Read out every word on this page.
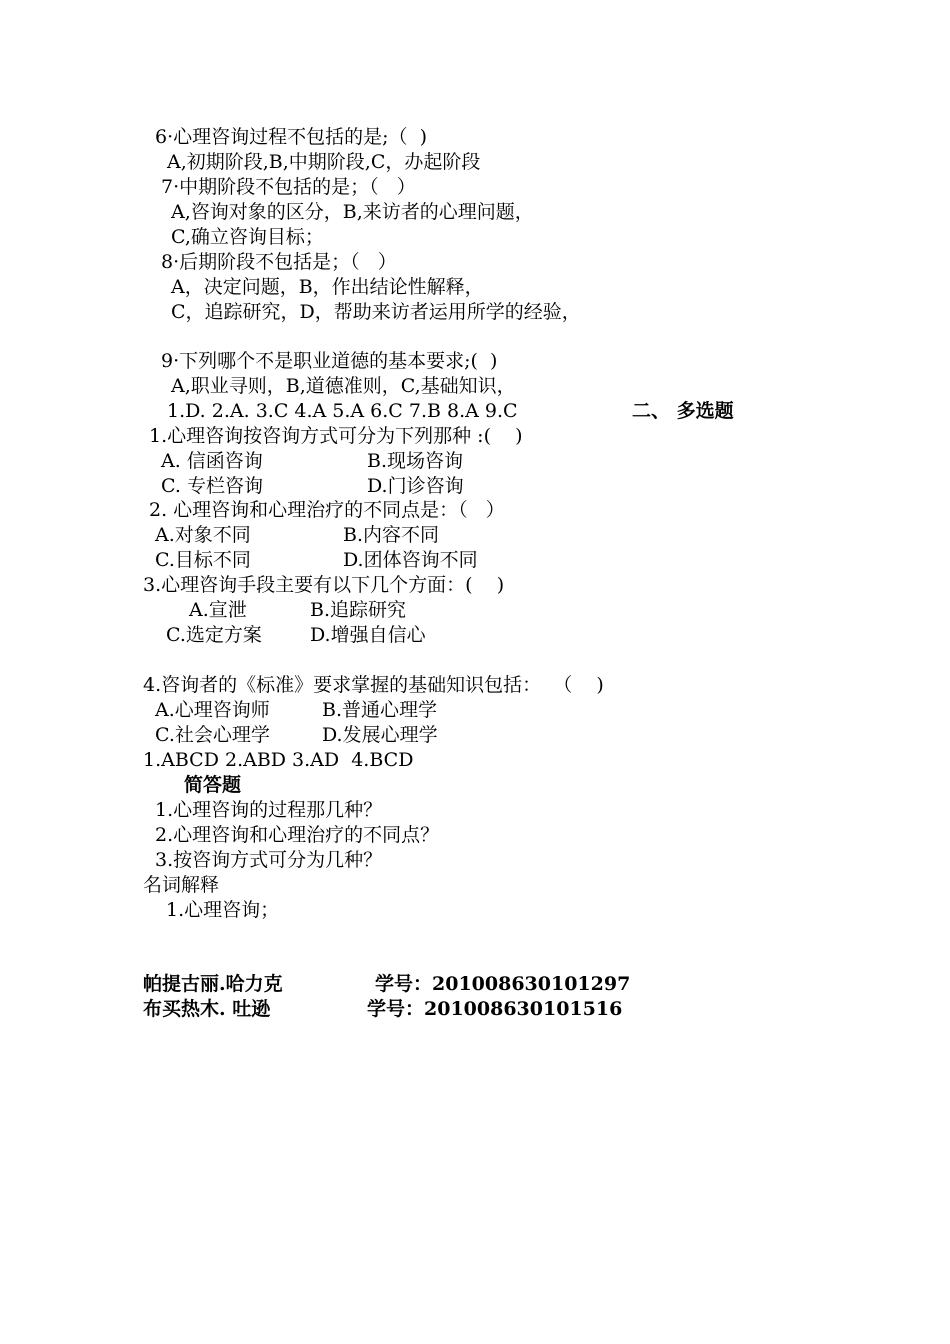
6·心理咨询过程不包括的是;（  )
A,初期阶段,B,中期阶段,C，办起阶段
7·中期阶段不包括的是；（   ）
A,咨询对象的区分，B,来访者的心理问题，
C,确立咨询目标；
8·后期阶段不包括是；（   ）
A，决定问题，B，作出结论性解释，
C，追踪研究，D，帮助来访者运用所学的经验，
9·下列哪个不是职业道德的基本要求;(  )
A,职业寻则，B,道德准则，C,基础知识，
1.D. 2.A. 3.C 4.A 5.A 6.C 7.B 8.A 9.C	二、 多选题
1.心理咨询按咨询方式可分为下列那种 :(    )
A. 信函咨询	B.现场咨询
C. 专栏咨询	D.门诊咨询
2. 心理咨询和心理治疗的不同点是：（   ）
A.对象不同	B.内容不同
C.目标不同	D.团体咨询不同
3.心理咨询手段主要有以下几个方面：(    )
A.宣泄	B.追踪研究
C.选定方案	D.增强自信心
4.咨询者的《标准》要求掌握的基础知识包括：  （    )
A.心理咨询师	B.普通心理学
C.社会心理学	D.发展心理学
1.ABCD 2.ABD 3.AD  4.BCD
简答题
1.心理咨询的过程那几种？
2.心理咨询和心理治疗的不同点？
3.按咨询方式可分为几种？
名词解释
1.心理咨询；
帕提古丽.哈力克	学号：201008630101297
布买热木. 吐逊	学号：201008630101516
